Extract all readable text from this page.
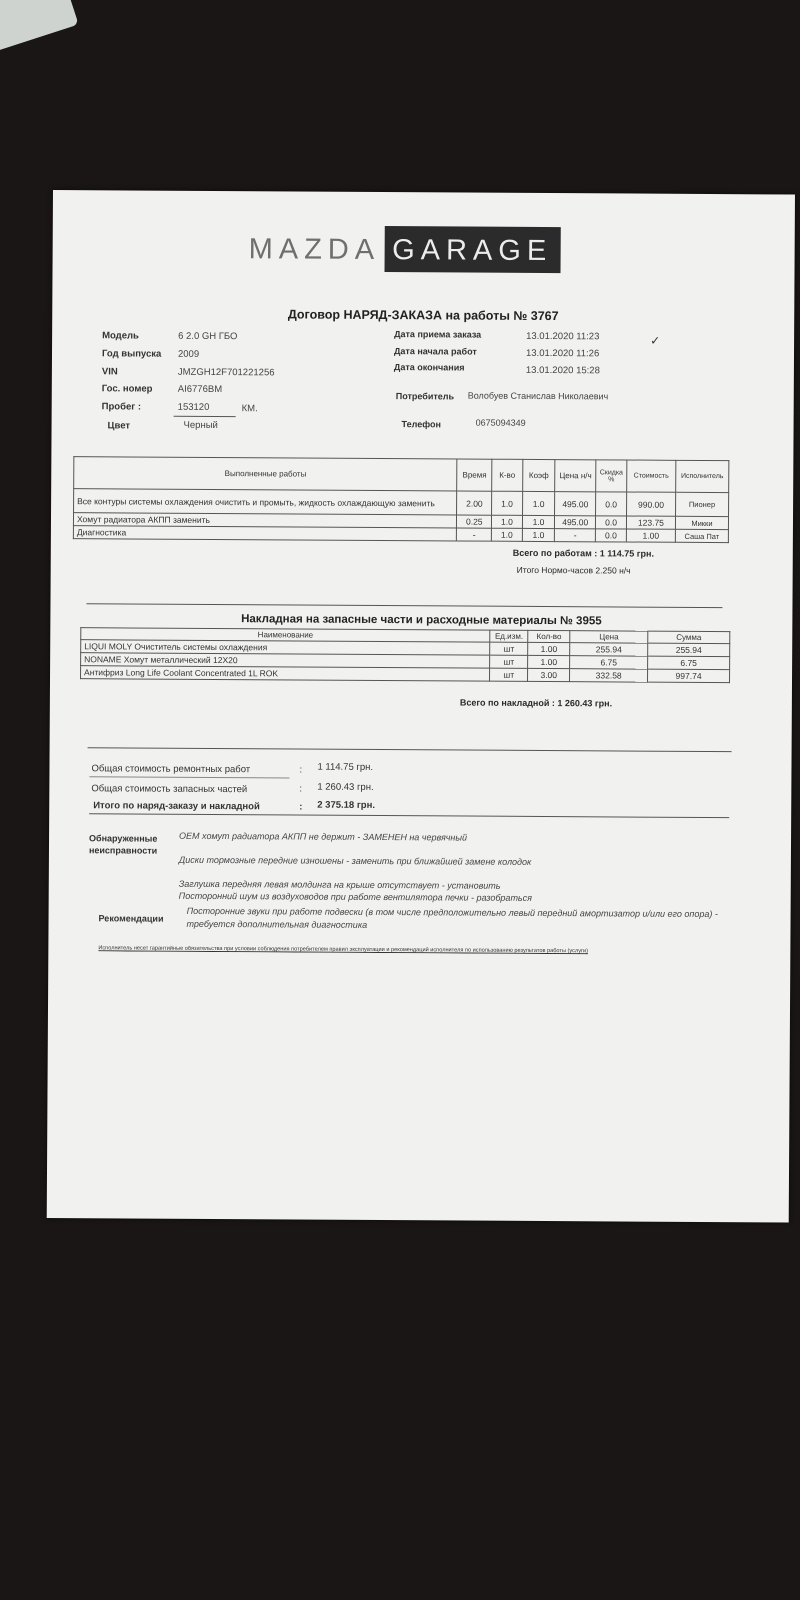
MAZDA GARAGE
Договор НАРЯД-ЗАКАЗА на работы № 3767
Модель	6 2.0 GH ГБО
Год выпуска 2009
VIN	JMZGH12F701221256
Гос. номер	AI6776BM
Пробег :	153120	КМ.
Цвет	Черный
Дата приема заказа	13.01.2020 11:23
Дата начала работ	13.01.2020 11:26
Дата окончания	13.01.2020 15:28
✓
Потребитель Волобуев Станислав Николаевич
Телефон	0675094349
Выполненные работы	Время	К-во	Коэф	Цена н/ч	Скидка %	Стоимость	Исполнитель
Все контуры системы охлаждения очистить и промыть, жидкость охлаждающую заменить	2.00	1.0	1.0	495.00	0.0	990.00	Пионер
Хомут радиатора АКПП заменить	0.25	1.0	1.0	495.00	0.0	123.75	Микки
Диагностика	-	1.0	1.0	-	0.0	1.00	Саша Пат
Всего по работам : 1 114.75 грн.
Итого Нормо-часов 2.250 н/ч
Накладная на запасные части и расходные материалы № 3955
Наименование	Ед.изм.	Кол-во	Цена	Сумма
LIQUI MOLY Очиститель системы охлаждения	шт	1.00	255.94	255.94
NONAME Хомут металлический 12X20	шт	1.00	6.75	6.75
Антифриз Long Life Coolant Concentrated 1L ROK	шт	3.00	332.58	997.74
Всего по накладной : 1 260.43 грн.
Общая стоимость ремонтных работ	: 1 114.75 грн.
Общая стоимость запасных частей	: 1 260.43 грн.
Итого по наряд-заказу и накладной	: 2 375.18 грн.
Обнаруженные неисправности
ОЕМ хомут радиатора АКПП не держит - ЗАМЕНЕН на червячный
Диски тормозные передние изношены - заменить при ближайшей замене колодок
Заглушка передняя левая молдинга на крыше отсутствует - установить
Посторонний шум из воздуховодов при работе вентилятора печки - разобраться
Рекомендации	Посторонние звуки при работе подвески (в том числе предположительно левый передний амортизатор и/или его опора) - требуется дополнительная диагностика
Исполнитель несет гарантийные обязательства при условии соблюдения потребителем правил эксплуатации и рекомендаций исполнителя по использованию результатов работы (услуги)
